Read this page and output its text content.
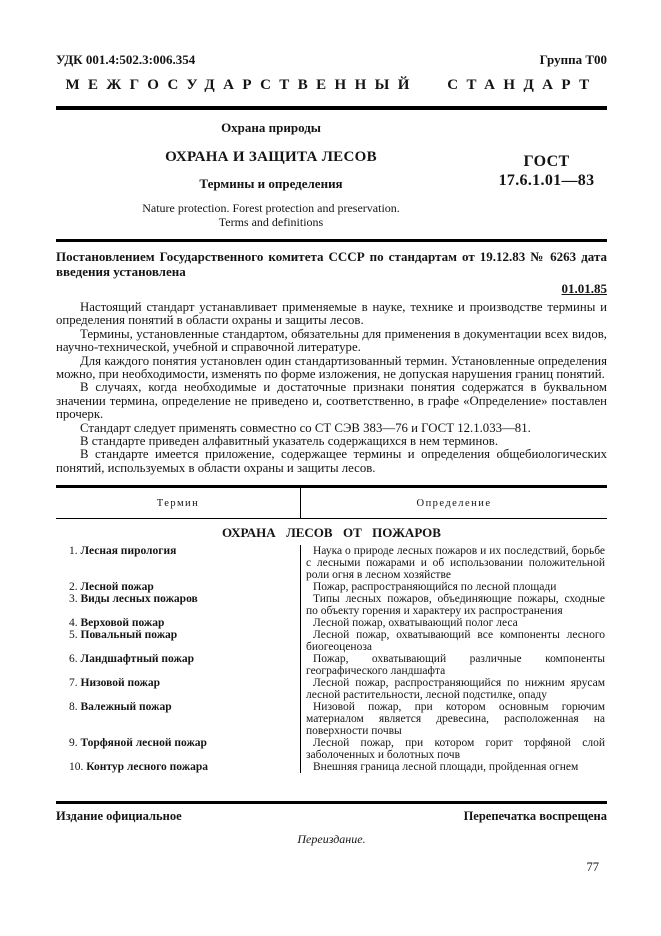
УДК 001.4:502.3:006.354	Группа Т00
МЕЖГОСУДАРСТВЕННЫЙ СТАНДАРТ
Охрана природы
ОХРАНА И ЗАЩИТА ЛЕСОВ
Термины и определения
Nature protection. Forest protection and preservation.
Terms and definitions
ГОСТ
17.6.1.01—83
Постановлением Государственного комитета СССР по стандартам от 19.12.83 № 6263 дата введения установлена
01.01.85

Настоящий стандарт устанавливает применяемые в науке, технике и производстве термины и определения понятий в области охраны и защиты лесов.

Термины, установленные стандартом, обязательны для применения в документации всех видов, научно-технической, учебной и справочной литературе.

Для каждого понятия установлен один стандартизованный термин. Установленные определения можно, при необходимости, изменять по форме изложения, не допуская нарушения границ понятий.

В случаях, когда необходимые и достаточные признаки понятия содержатся в буквальном значении термина, определение не приведено и, соответственно, в графе «Определение» поставлен прочерк.

Стандарт следует применять совместно со СТ СЭВ 383—76 и ГОСТ 12.1.033—81.

В стандарте приведен алфавитный указатель содержащихся в нем терминов.

В стандарте имеется приложение, содержащее термины и определения общебиологических понятий, используемых в области охраны и защиты лесов.

Термин	Определение
ОХРАНА ЛЕСОВ ОТ ПОЖАРОВ
1. Лесная пирология	Наука о природе лесных пожаров и их последствий, борьбе с лесными пожарами и об использовании положительной роли огня в лесном хозяйстве
2. Лесной пожар	Пожар, распространяющийся по лесной площади
3. Виды лесных пожаров	Типы лесных пожаров, объединяющие пожары, сходные по объекту горения и характеру их распространения
4. Верховой пожар	Лесной пожар, охватывающий полог леса
5. Повальный пожар	Лесной пожар, охватывающий все компоненты лесного биогеоценоза
6. Ландшафтный пожар	Пожар, охватывающий различные компоненты географического ландшафта
7. Низовой пожар	Лесной пожар, распространяющийся по нижним ярусам лесной растительности, лесной подстилке, опаду
8. Валежный пожар	Низовой пожар, при котором основным горючим материалом является древесина, расположенная на поверхности почвы
9. Торфяной лесной пожар	Лесной пожар, при котором горит торфяной слой заболоченных и болотных почв
10. Контур лесного пожара	Внешняя граница лесной площади, пройденная огнем
Издание официальное	Перепечатка воспрещена
Переиздание.
77
